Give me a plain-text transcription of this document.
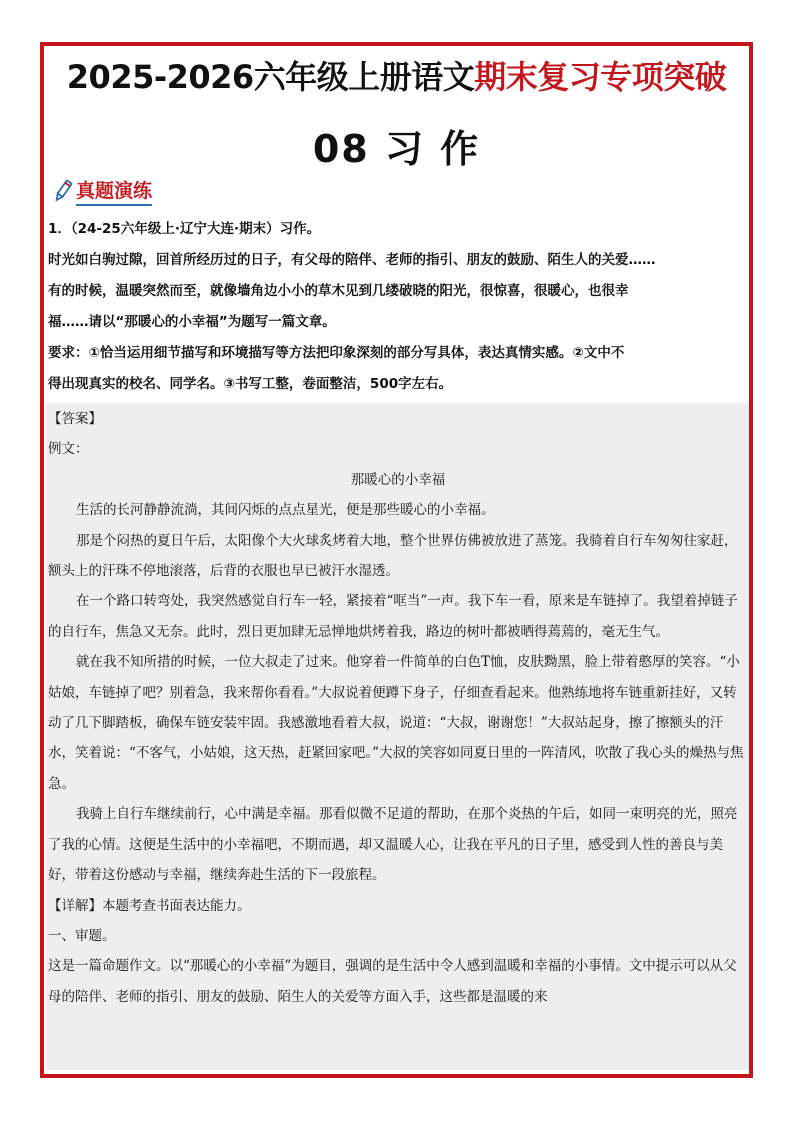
2025-2026六年级上册语文期末复习专项突破
08 习 作
真题演练
1．（24-25六年级上·辽宁大连·期末）习作。
时光如白驹过隙，回首所经历过的日子，有父母的陪伴、老师的指引、朋友的鼓励、陌生人的关爱……
有的时候，温暖突然而至，就像墙角边小小的草木见到几缕破晓的阳光，很惊喜，很暖心，也很幸
福……请以“那暖心的小幸福”为题写一篇文章。
要求：①恰当运用细节描写和环境描写等方法把印象深刻的部分写具体，表达真情实感。②文中不
得出现真实的校名、同学名。③书写工整，卷面整洁，500字左右。

【答案】

例文：

那暖心的小幸福

生活的长河静静流淌，其间闪烁的点点星光，便是那些暖心的小幸福。

那是个闷热的夏日午后，太阳像个大火球炙烤着大地，整个世界仿佛被放进了蒸笼。我骑着自行车匆匆往家赶，额头上的汗珠不停地滚落，后背的衣服也早已被汗水湿透。

在一个路口转弯处，我突然感觉自行车一轻，紧接着“哐当”一声。我下车一看，原来是车链掉了。我望着掉链子的自行车，焦急又无奈。此时，烈日更加肆无忌惮地烘烤着我，路边的树叶都被晒得蔫蔫的，毫无生气。

就在我不知所措的时候，一位大叔走了过来。他穿着一件简单的白色T恤，皮肤黝黑，脸上带着憨厚的笑容。“小姑娘，车链掉了吧？别着急，我来帮你看看。”大叔说着便蹲下身子，仔细查看起来。他熟练地将车链重新挂好，又转动了几下脚踏板，确保车链安装牢固。我感激地看着大叔，说道：“大叔，谢谢您！”大叔站起身，擦了擦额头的汗水，笑着说：“不客气，小姑娘，这天热，赶紧回家吧。”大叔的笑容如同夏日里的一阵清风，吹散了我心头的燥热与焦急。

我骑上自行车继续前行，心中满是幸福。那看似微不足道的帮助，在那个炎热的午后，如同一束明亮的光，照亮了我的心情。这便是生活中的小幸福吧，不期而遇，却又温暖人心，让我在平凡的日子里，感受到人性的善良与美好，带着这份感动与幸福，继续奔赴生活的下一段旅程。

【详解】本题考查书面表达能力。

一、审题。

这是一篇命题作文。以“那暖心的小幸福”为题目，强调的是生活中令人感到温暖和幸福的小事情。文中提示可以从父母的陪伴、老师的指引、朋友的鼓励、陌生人的关爱等方面入手，这些都是温暖的来
